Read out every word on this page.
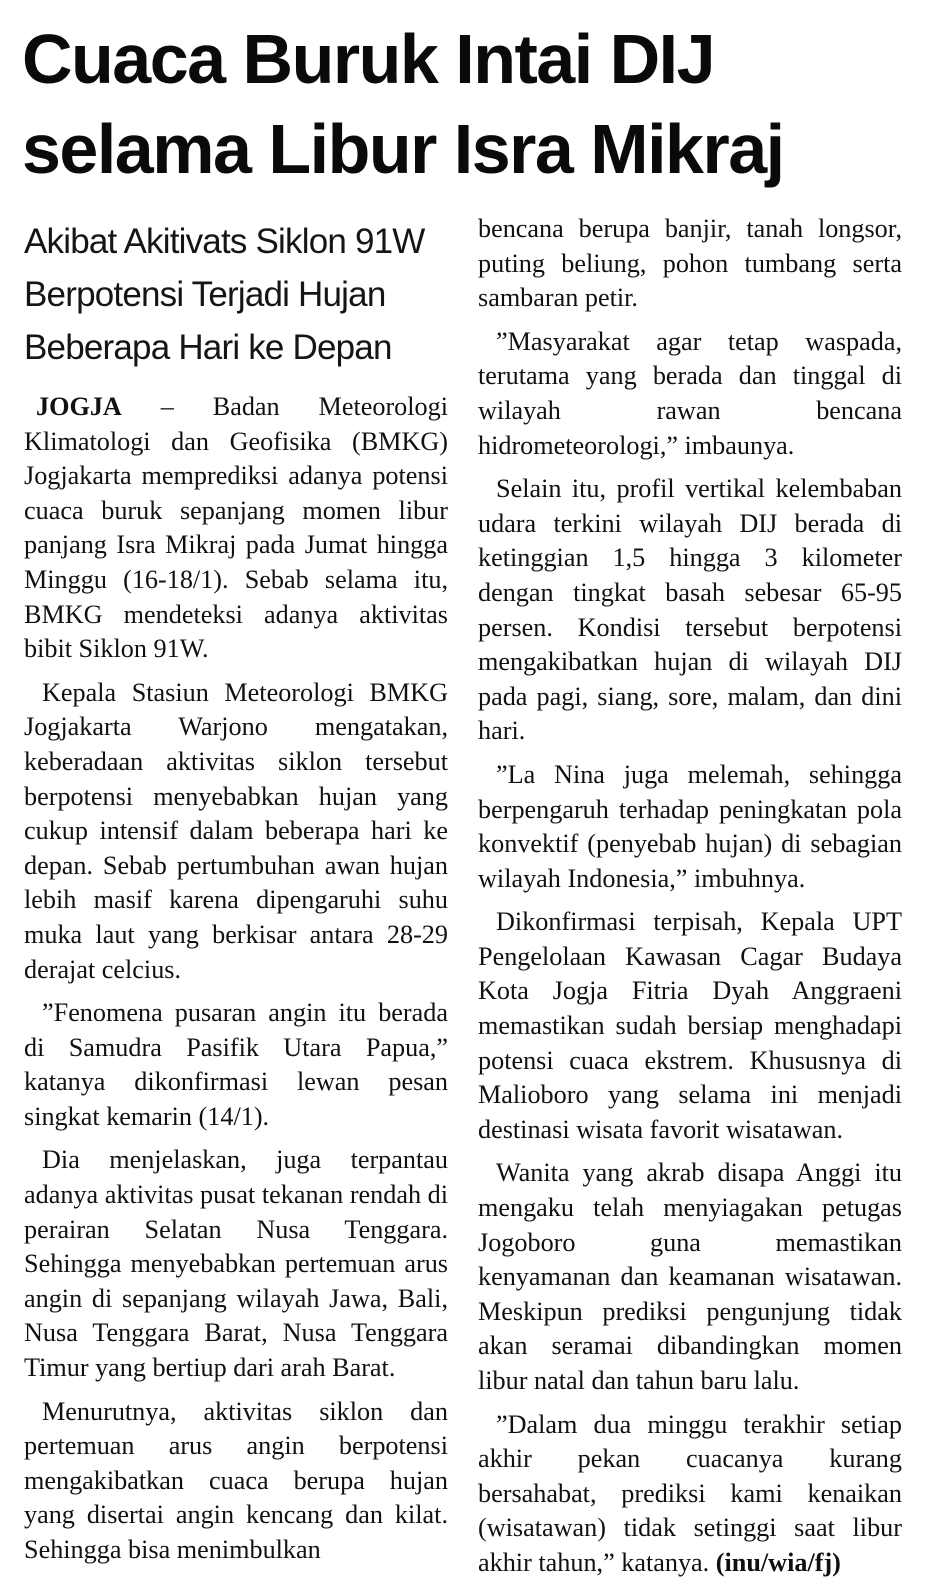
Cuaca Buruk Intai DIJ
selama Libur Isra Mikraj
Akibat Akitivats Siklon 91W
Berpotensi Terjadi Hujan
Beberapa Hari ke Depan

JOGJA – Badan Meteorologi Klimatologi dan Geofisika (BMKG) Jogjakarta memprediksi adanya potensi cuaca buruk sepanjang momen libur panjang Isra Mikraj pada Jumat hingga Minggu (16-18/1). Sebab selama itu, BMKG mendeteksi adanya aktivitas bibit Siklon 91W.

Kepala Stasiun Meteorologi BMKG Jogjakarta Warjono mengatakan, keberadaan aktivitas siklon tersebut berpotensi menyebabkan hujan yang cukup intensif dalam beberapa hari ke depan. Sebab pertumbuhan awan hujan lebih masif karena dipengaruhi suhu muka laut yang berkisar antara 28-29 derajat celcius.

”Fenomena pusaran angin itu berada di Samudra Pasifik Utara Papua,” katanya dikonfirmasi lewan pesan singkat kemarin (14/1).

Dia menjelaskan, juga terpantau adanya aktivitas pusat tekanan rendah di perairan Selatan Nusa Tenggara. Sehingga menyebabkan pertemuan arus angin di sepanjang wilayah Jawa, Bali, Nusa Tenggara Barat, Nusa Tenggara Timur yang bertiup dari arah Barat.

Menurutnya, aktivitas siklon dan pertemuan arus angin berpotensi mengakibatkan cuaca berupa hujan yang disertai angin kencang dan kilat. Sehingga bisa menimbulkan

bencana berupa banjir, tanah longsor, puting beliung, pohon tumbang serta sambaran petir.

”Masyarakat agar tetap waspada, terutama yang berada dan tinggal di wilayah rawan bencana hidrometeorologi,” imbaunya.

Selain itu, profil vertikal kelembaban udara terkini wilayah DIJ berada di ketinggian 1,5 hingga 3 kilometer dengan tingkat basah sebesar 65-95 persen. Kondisi tersebut berpotensi mengakibatkan hujan di wilayah DIJ pada pagi, siang, sore, malam, dan dini hari.

”La Nina juga melemah, sehingga berpengaruh terhadap peningkatan pola konvektif (penyebab hujan) di sebagian wilayah Indonesia,” imbuhnya.

Dikonfirmasi terpisah, Kepala UPT Pengelolaan Kawasan Cagar Budaya Kota Jogja Fitria Dyah Anggraeni memastikan sudah bersiap menghadapi potensi cuaca ekstrem. Khususnya di Malioboro yang selama ini menjadi destinasi wisata favorit wisatawan.

Wanita yang akrab disapa Anggi itu mengaku telah menyiagakan petugas Jogoboro guna memastikan kenyamanan dan keamanan wisatawan. Meskipun prediksi pengunjung tidak akan seramai dibandingkan momen libur natal dan tahun baru lalu.

”Dalam dua minggu terakhir setiap akhir pekan cuacanya kurang bersahabat, prediksi kami kenaikan (wisatawan) tidak setinggi saat libur akhir tahun,” katanya. (inu/wia/fj)
